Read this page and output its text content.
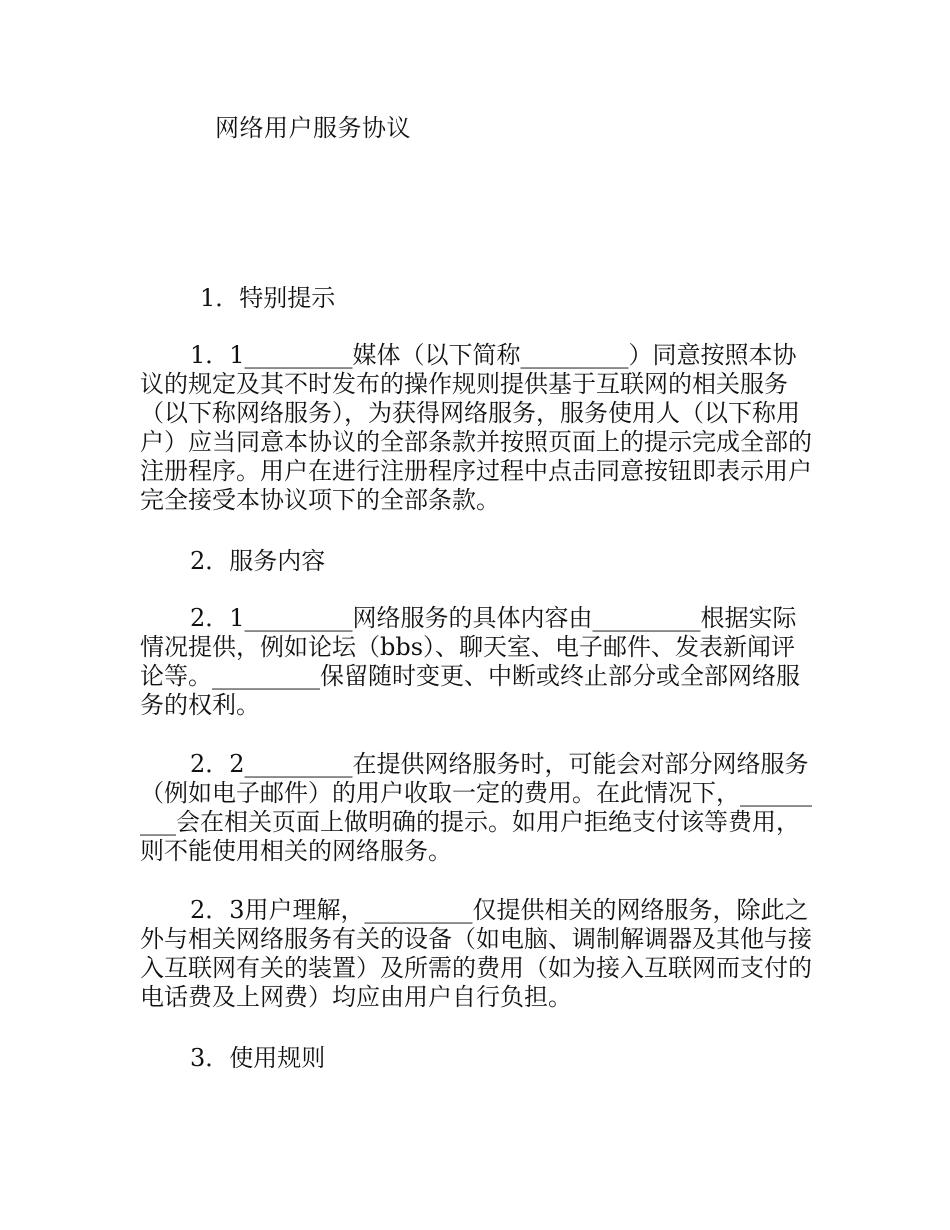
网络用户服务协议
1．特别提示

1．1_________媒体（以下简称_________）同意按照本协议的规定及其不时发布的操作规则提供基于互联网的相关服务（以下称网络服务），为获得网络服务，服务使用人（以下称用户）应当同意本协议的全部条款并按照页面上的提示完成全部的注册程序。用户在进行注册程序过程中点击同意按钮即表示用户完全接受本协议项下的全部条款。

2．服务内容

2．1_________网络服务的具体内容由_________根据实际情况提供，例如论坛（bbs）、聊天室、电子邮件、发表新闻评论等。_________保留随时变更、中断或终止部分或全部网络服务的权利。

2．2_________在提供网络服务时，可能会对部分网络服务（例如电子邮件）的用户收取一定的费用。在此情况下，_________会在相关页面上做明确的提示。如用户拒绝支付该等费用，则不能使用相关的网络服务。

2．3用户理解，_________仅提供相关的网络服务，除此之外与相关网络服务有关的设备（如电脑、调制解调器及其他与接入互联网有关的装置）及所需的费用（如为接入互联网而支付的电话费及上网费）均应由用户自行负担。

3．使用规则
